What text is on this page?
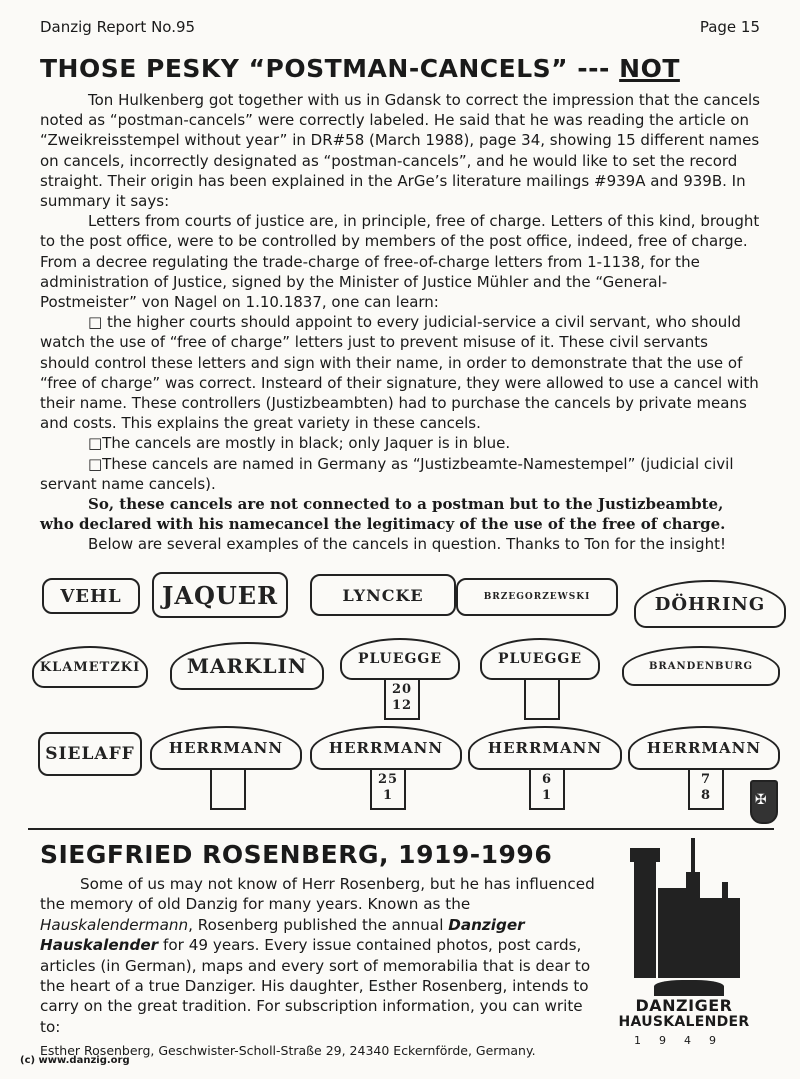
Danzig Report No.95	Page 15
THOSE PESKY “POSTMAN-CANCELS” --- NOT

Ton Hulkenberg got together with us in Gdansk to correct the impression that the cancels noted as “postman-cancels” were correctly labeled. He said that he was reading the article on “Zweikreisstempel without year” in DR#58 (March 1988), page 34, showing 15 different names on cancels, incorrectly designated as “postman-cancels”, and he would like to set the record straight. Their origin has been explained in the ArGe’s literature mailings #939A and 939B. In summary it says:

Letters from courts of justice are, in principle, free of charge. Letters of this kind, brought to the post office, were to be controlled by members of the post office, indeed, free of charge. From a decree regulating the trade-charge of free-of-charge letters from 1-1138, for the administration of Justice, signed by the Minister of Justice Mühler and the “General-Postmeister” von Nagel on 1.10.1837, one can learn:

□ the higher courts should appoint to every judicial-service a civil servant, who should watch the use of “free of charge” letters just to prevent misuse of it. These civil servants should control these letters and sign with their name, in order to demonstrate that the use of “free of charge” was correct. Insteard of their signature, they were allowed to use a cancel with their name. These controllers (Justizbeambten) had to purchase the cancels by private means and costs. This explains the great variety in these cancels.

□The cancels are mostly in black; only Jaquer is in blue.

□These cancels are named in Germany as “Justizbeamte-Namestempel” (judicial civil servant name cancels).

So, these cancels are not connected to a postman but to the Justizbeambte, who declared with his namecancel the legitimacy of the use of the free of charge.

Below are several examples of the cancels in question. Thanks to Ton for the insight!

VEHL JAQUER	LYNCKE	BRZEGORZEWSKI	DÖHRING
KLAMETZKI MARKLIN	PLUEGGE
20
12
PLUEGGE	BRANDENBURG
SIELAFF HERRMANN	HERRMANN
25
1
HERRMANN
6
1
HERRMANN
7
8
✠
SIEGFRIED ROSENBERG, 1919-1996

Some of us may not know of Herr Rosenberg, but he has influenced the memory of old Danzig for many years. Known as the Hauskalendermann, Rosenberg published the annual Danziger Hauskalender for 49 years. Every issue contained photos, post cards, articles (in German), maps and every sort of memorabilia that is dear to the heart of a true Danziger. His daughter, Esther Rosenberg, intends to carry on the great tradition. For subscription information, you can write to:

Esther Rosenberg, Geschwister-Scholl-Straße 29, 24340 Eckernförde, Germany.

DANZIGER
HAUSKALENDER
1949
(c) www.danzig.org
